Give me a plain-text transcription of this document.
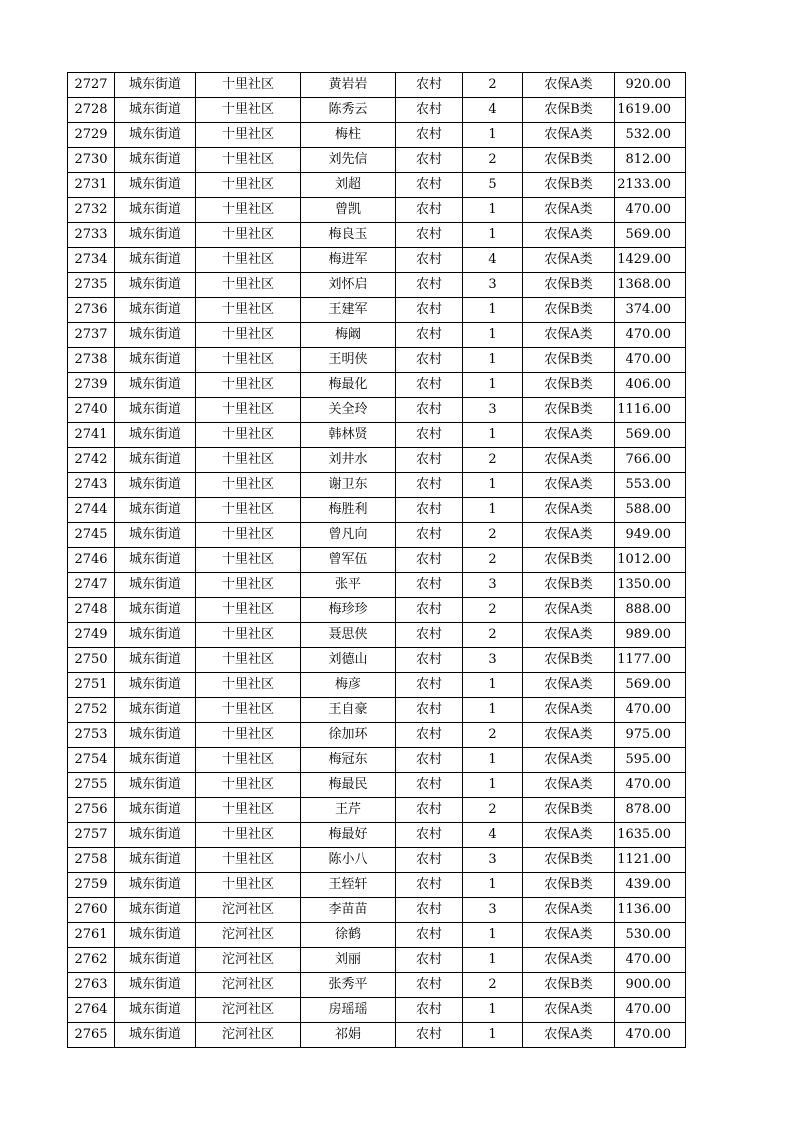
2727	城东街道	十里社区	黄岩岩	农村	2	农保A类	920.00
2728	城东街道	十里社区	陈秀云	农村	4	农保B类	1619.00
2729	城东街道	十里社区	梅柱	农村	1	农保A类	532.00
2730	城东街道	十里社区	刘先信	农村	2	农保B类	812.00
2731	城东街道	十里社区	刘超	农村	5	农保B类	2133.00
2732	城东街道	十里社区	曾凯	农村	1	农保A类	470.00
2733	城东街道	十里社区	梅良玉	农村	1	农保A类	569.00
2734	城东街道	十里社区	梅进军	农村	4	农保A类	1429.00
2735	城东街道	十里社区	刘怀启	农村	3	农保B类	1368.00
2736	城东街道	十里社区	王建军	农村	1	农保B类	374.00
2737	城东街道	十里社区	梅阚	农村	1	农保A类	470.00
2738	城东街道	十里社区	王明侠	农村	1	农保B类	470.00
2739	城东街道	十里社区	梅最化	农村	1	农保B类	406.00
2740	城东街道	十里社区	关全玲	农村	3	农保B类	1116.00
2741	城东街道	十里社区	韩林贤	农村	1	农保A类	569.00
2742	城东街道	十里社区	刘井水	农村	2	农保A类	766.00
2743	城东街道	十里社区	谢卫东	农村	1	农保A类	553.00
2744	城东街道	十里社区	梅胜利	农村	1	农保A类	588.00
2745	城东街道	十里社区	曾凡向	农村	2	农保A类	949.00
2746	城东街道	十里社区	曾军伍	农村	2	农保B类	1012.00
2747	城东街道	十里社区	张平	农村	3	农保B类	1350.00
2748	城东街道	十里社区	梅珍珍	农村	2	农保A类	888.00
2749	城东街道	十里社区	聂思侠	农村	2	农保A类	989.00
2750	城东街道	十里社区	刘德山	农村	3	农保B类	1177.00
2751	城东街道	十里社区	梅彦	农村	1	农保A类	569.00
2752	城东街道	十里社区	王自豪	农村	1	农保A类	470.00
2753	城东街道	十里社区	徐加环	农村	2	农保A类	975.00
2754	城东街道	十里社区	梅冠东	农村	1	农保A类	595.00
2755	城东街道	十里社区	梅最民	农村	1	农保A类	470.00
2756	城东街道	十里社区	王芹	农村	2	农保B类	878.00
2757	城东街道	十里社区	梅最好	农村	4	农保A类	1635.00
2758	城东街道	十里社区	陈小八	农村	3	农保B类	1121.00
2759	城东街道	十里社区	王轾轩	农村	1	农保B类	439.00
2760	城东街道	沱河社区	李苗苗	农村	3	农保A类	1136.00
2761	城东街道	沱河社区	徐鹤	农村	1	农保A类	530.00
2762	城东街道	沱河社区	刘丽	农村	1	农保A类	470.00
2763	城东街道	沱河社区	张秀平	农村	2	农保B类	900.00
2764	城东街道	沱河社区	房瑶瑶	农村	1	农保A类	470.00
2765	城东街道	沱河社区	祁娟	农村	1	农保A类	470.00
